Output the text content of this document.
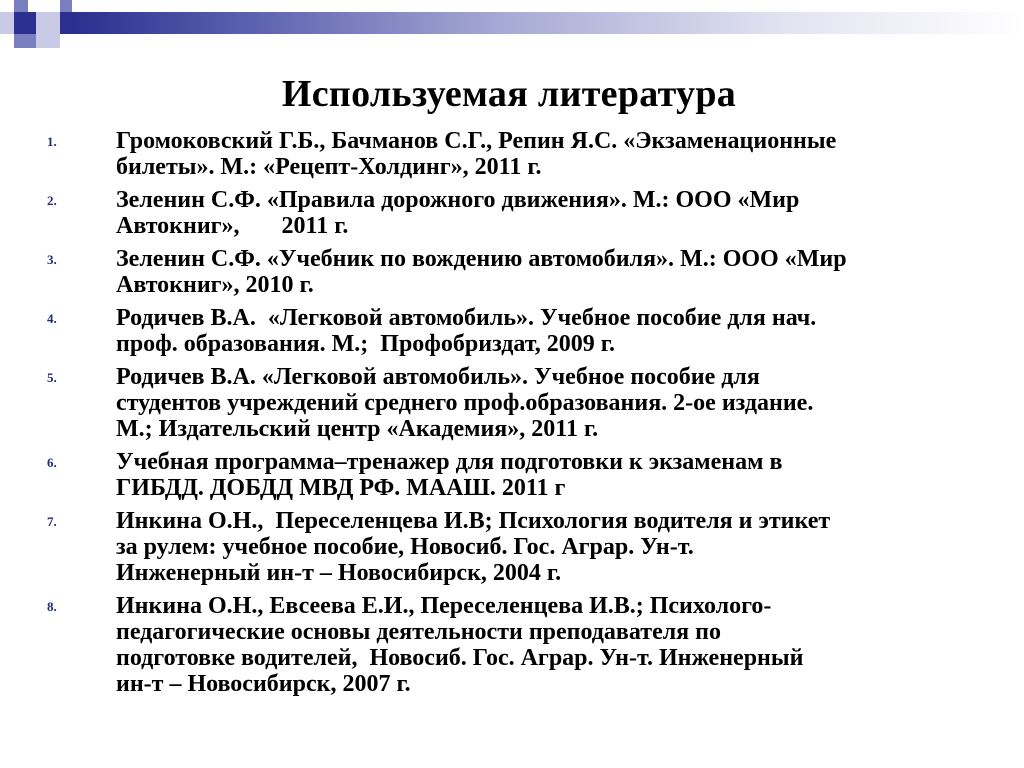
Используемая литература
1. Громоковский Г.Б., Бачманов С.Г., Репин Я.С. «Экзаменационные
билеты». М.: «Рецепт-Холдинг», 2011 г.
2. Зеленин С.Ф. «Правила дорожного движения». М.: ООО «Мир
Автокниг»,       2011 г.
3. Зеленин С.Ф. «Учебник по вождению автомобиля». М.: ООО «Мир
Автокниг», 2010 г.
4. Родичев В.А.  «Легковой автомобиль». Учебное пособие для нач.
проф. образования. М.;  Профобриздат, 2009 г.
5. Родичев В.А. «Легковой автомобиль». Учебное пособие для
студентов учреждений среднего проф.образования. 2-ое издание.
М.; Издательский центр «Академия», 2011 г.
6. Учебная программа–тренажер для подготовки к экзаменам в
ГИБДД. ДОБДД МВД РФ. МААШ. 2011 г
7. Инкина О.Н.,  Переселенцева И.В; Психология водителя и этикет
за рулем: учебное пособие, Новосиб. Гос. Аграр. Ун-т.
Инженерный ин-т – Новосибирск, 2004 г.
8. Инкина О.Н., Евсеева Е.И., Переселенцева И.В.; Психолого-
педагогические основы деятельности преподавателя по
подготовке водителей,  Новосиб. Гос. Аграр. Ун-т. Инженерный
ин-т – Новосибирск, 2007 г.
